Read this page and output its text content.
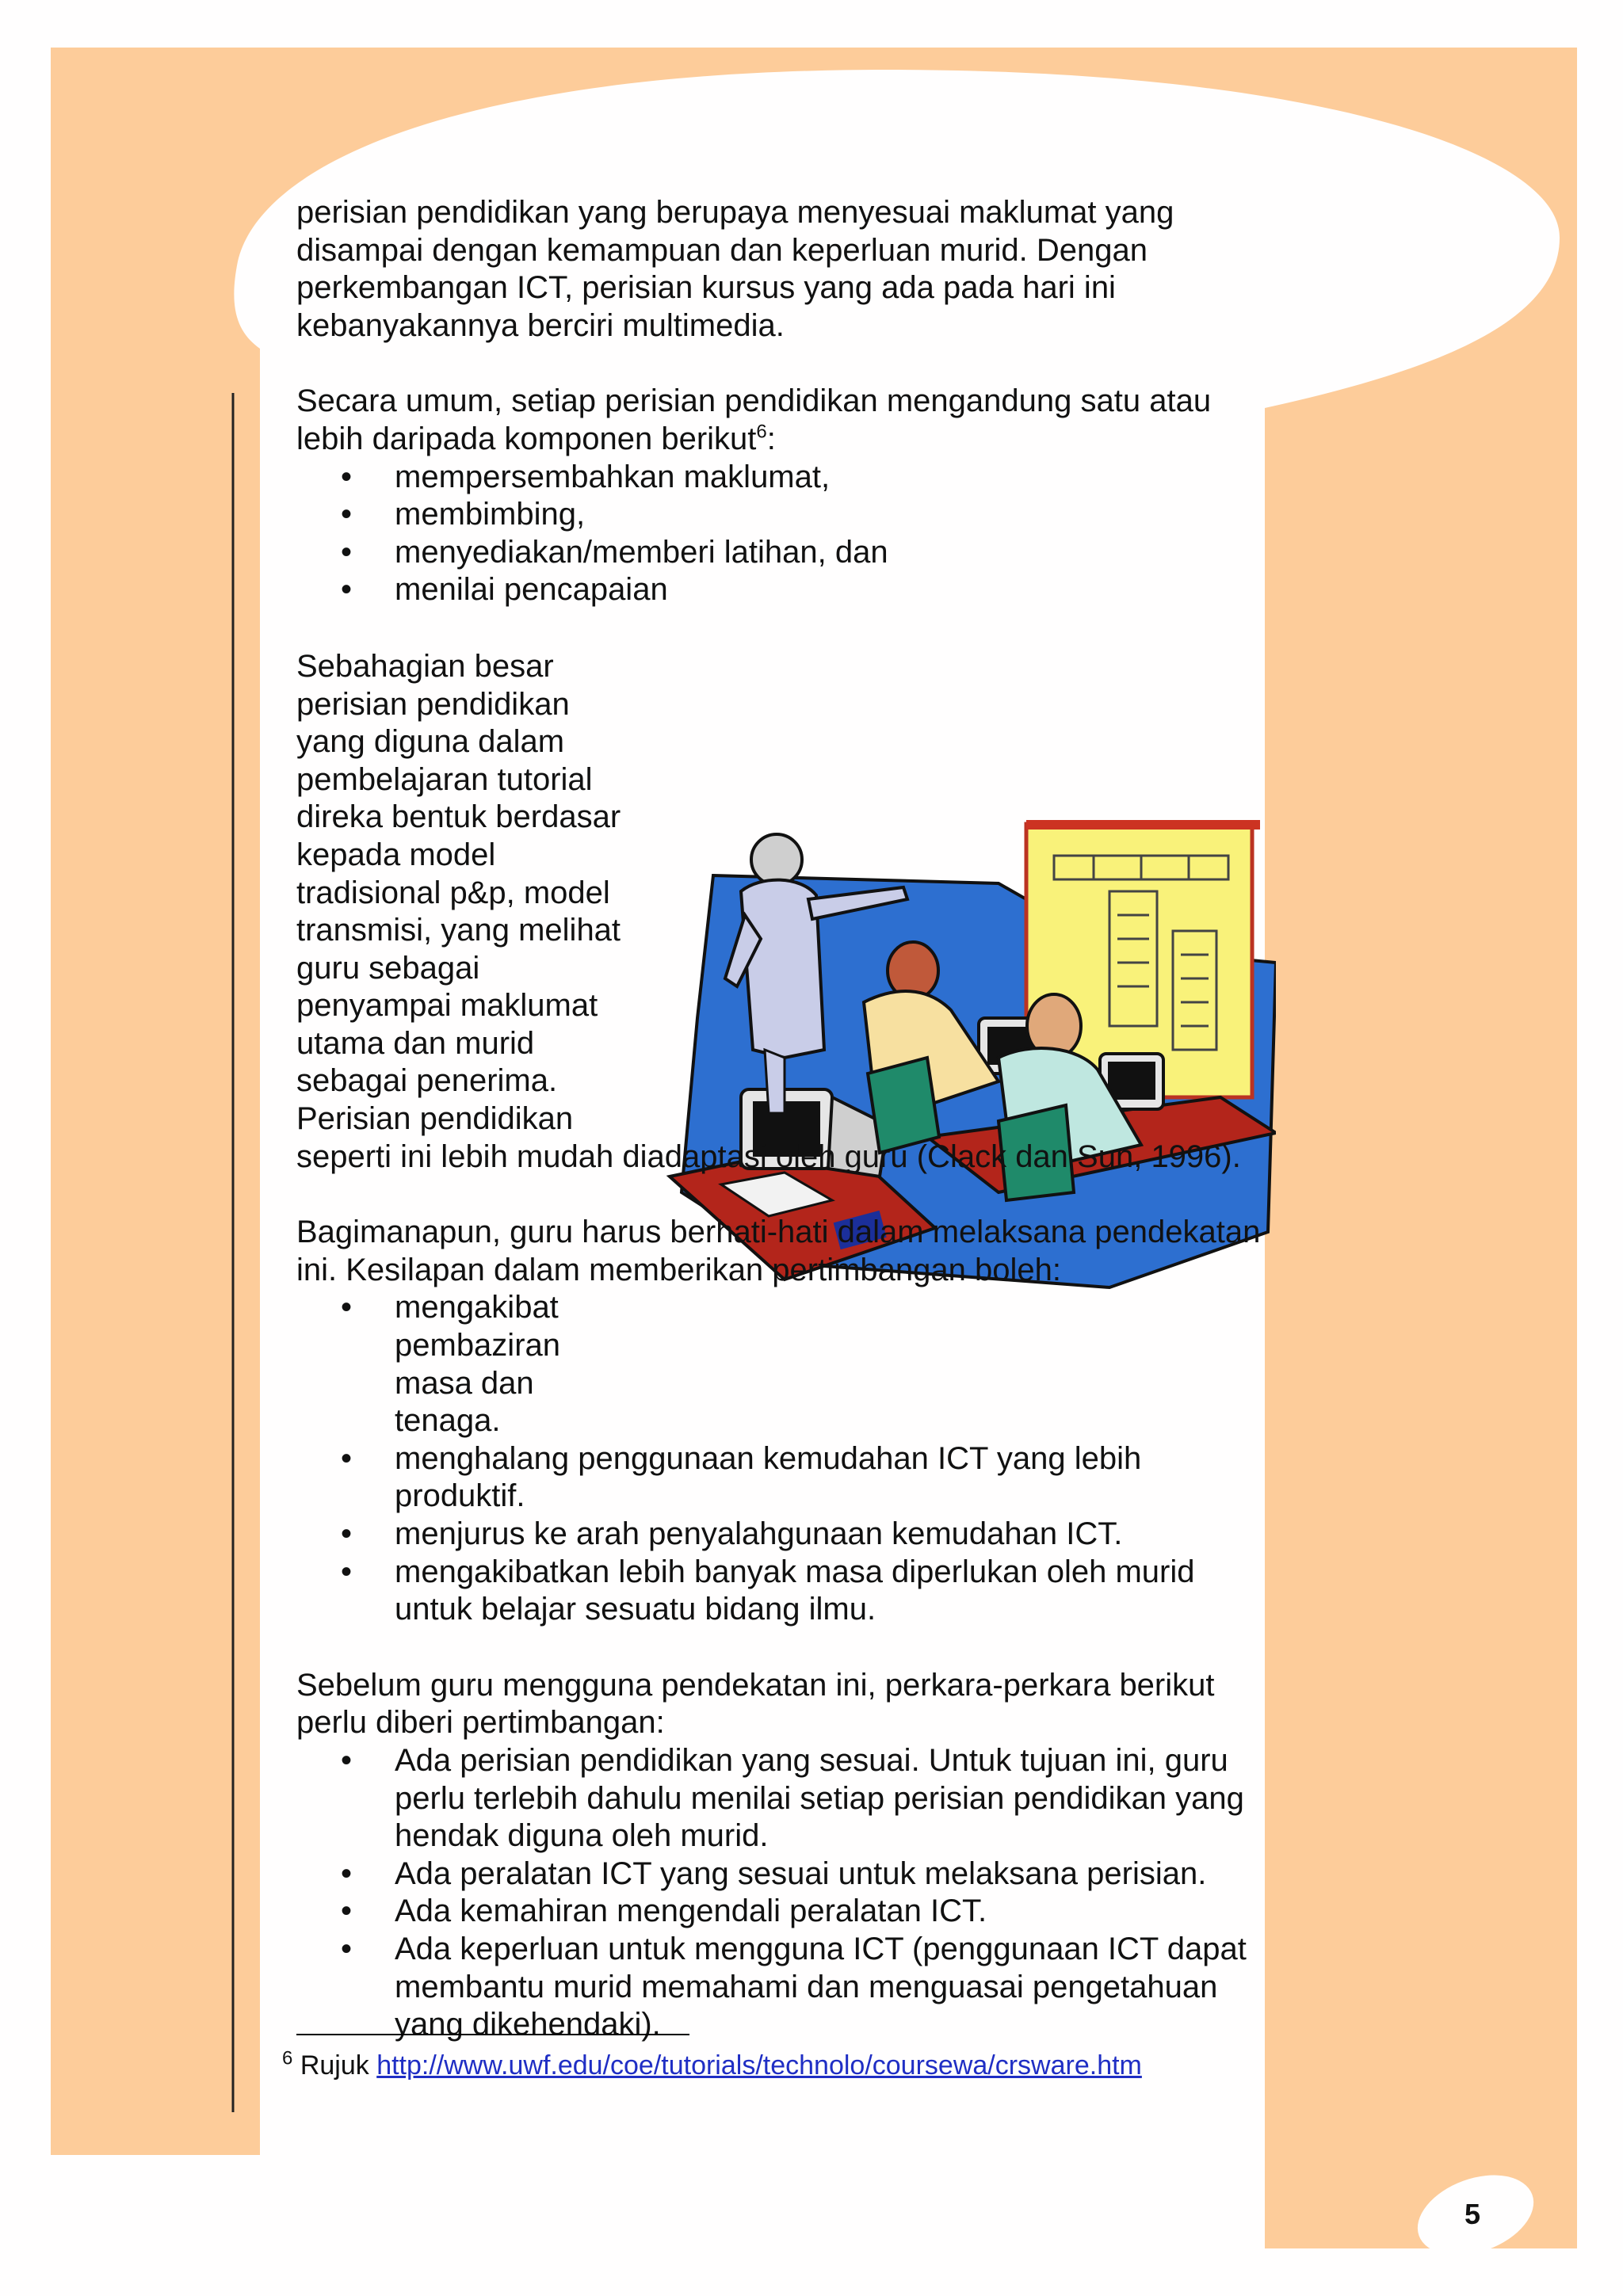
perisian pendidikan yang berupaya menyesuai maklumat yang disampai dengan kemampuan dan keperluan murid. Dengan perkembangan ICT, perisian kursus yang ada pada hari ini kebanyakannya berciri multimedia.

Secara umum, setiap perisian pendidikan mengandung satu atau lebih daripada komponen berikut$^6$:

• mempersembahkan maklumat,
• membimbing,
• menyediakan/memberi latihan, dan
• menilai pencapaian

Sebahagian besar perisian pendidikan yang diguna dalam pembelajaran tutorial direka bentuk berdasar kepada model tradisional p&p, model transmisi, yang melihat guru sebagai penyampai maklumat utama dan murid sebagai penerima. Perisian pendidikan seperti ini lebih mudah diadaptasi oleh guru (Clack dan Sun, 1996).

Bagimanapun, guru harus berhati-hati dalam melaksana pendekatan ini. Kesilapan dalam memberikan pertimbangan boleh:

• mengakibat pembaziran masa dan tenaga.
• menghalang penggunaan kemudahan ICT yang lebih produktif.
• menjurus ke arah penyalahgunaan kemudahan ICT.
• mengakibatkan lebih banyak masa diperlukan oleh murid untuk belajar sesuatu bidang ilmu.

Sebelum guru mengguna pendekatan ini, perkara-perkara berikut perlu diberi pertimbangan:

• Ada perisian pendidikan yang sesuai. Untuk tujuan ini, guru perlu terlebih dahulu menilai setiap perisian pendidikan yang hendak diguna oleh murid.
• Ada peralatan ICT yang sesuai untuk melaksana perisian.
• Ada kemahiran mengendali peralatan ICT.
• Ada keperluan untuk mengguna ICT (penggunaan ICT dapat membantu murid memahami dan menguasai pengetahuan yang dikehendaki).
$^6$ Rujuk http://www.uwf.edu/coe/tutorials/technolo/coursewa/crsware.htm
5
